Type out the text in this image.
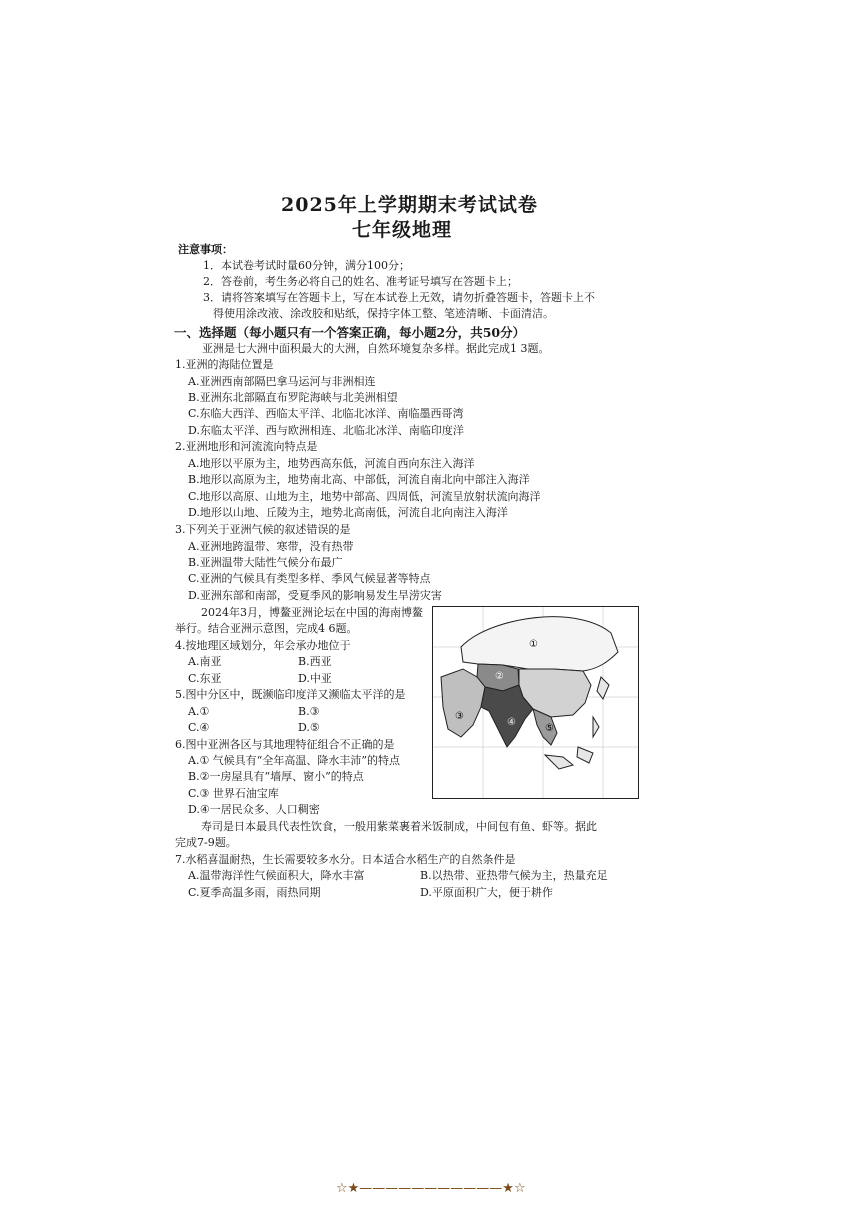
2025年上学期期末考试试卷
七年级地理
注意事项：
1．本试卷考试时量60分钟，满分100分；
2．答卷前，考生务必将自己的姓名、准考证号填写在答题卡上；
3．请将答案填写在答题卡上，写在本试卷上无效，请勿折叠答题卡，答题卡上不
得使用涂改液、涂改胶和贴纸，保持字体工整、笔迹清晰、卡面清洁。
一、选择题（每小题只有一个答案正确，每小题2分，共50分）
亚洲是七大洲中面积最大的大洲，自然环境复杂多样。据此完成1 3题。
1.亚洲的海陆位置是
A.亚洲西南部隔巴拿马运河与非洲相连
B.亚洲东北部隔直布罗陀海峡与北美洲相望
C.东临大西洋、西临太平洋、北临北冰洋、南临墨西哥湾
D.东临太平洋、西与欧洲相连、北临北冰洋、南临印度洋
2.亚洲地形和河流流向特点是
A.地形以平原为主，地势西高东低，河流自西向东注入海洋
B.地形以高原为主，地势南北高、中部低，河流自南北向中部注入海洋
C.地形以高原、山地为主，地势中部高、四周低，河流呈放射状流向海洋
D.地形以山地、丘陵为主，地势北高南低，河流自北向南注入海洋
3.下列关于亚洲气候的叙述错误的是
A.亚洲地跨温带、寒带，没有热带
B.亚洲温带大陆性气候分布最广
C.亚洲的气候具有类型多样、季风气候显著等特点
D.亚洲东部和南部，受夏季风的影响易发生旱涝灾害
2024年3月，博鳌亚洲论坛在中国的海南博鳌
举行。结合亚洲示意图，完成4 6题。
4.按地理区域划分，年会承办地位于
A.南亚	B.西亚
C.东亚	D.中亚
5.图中分区中，既濒临印度洋又濒临太平洋的是
A.①	B.③
C.④	D.⑤
6.图中亚洲各区与其地理特征组合不正确的是
A.① 气候具有“全年高温、降水丰沛”的特点
B.②一房屋具有“墙厚、窗小”的特点
C.③ 世界石油宝库
D.④一居民众多、人口稠密
寿司是日本最具代表性饮食，一般用紫菜裹着米饭制成，中间包有鱼、虾等。据此
完成7-9题。
7.水稻喜温耐热，生长需要较多水分。日本适合水稻生产的自然条件是
A.温带海洋性气候面积大，降水丰富	B.以热带、亚热带气候为主，热量充足
C.夏季高温多雨，雨热同期	D.平原面积广大，便于耕作
①
②
③
④
⑤
☆★———————————★☆
